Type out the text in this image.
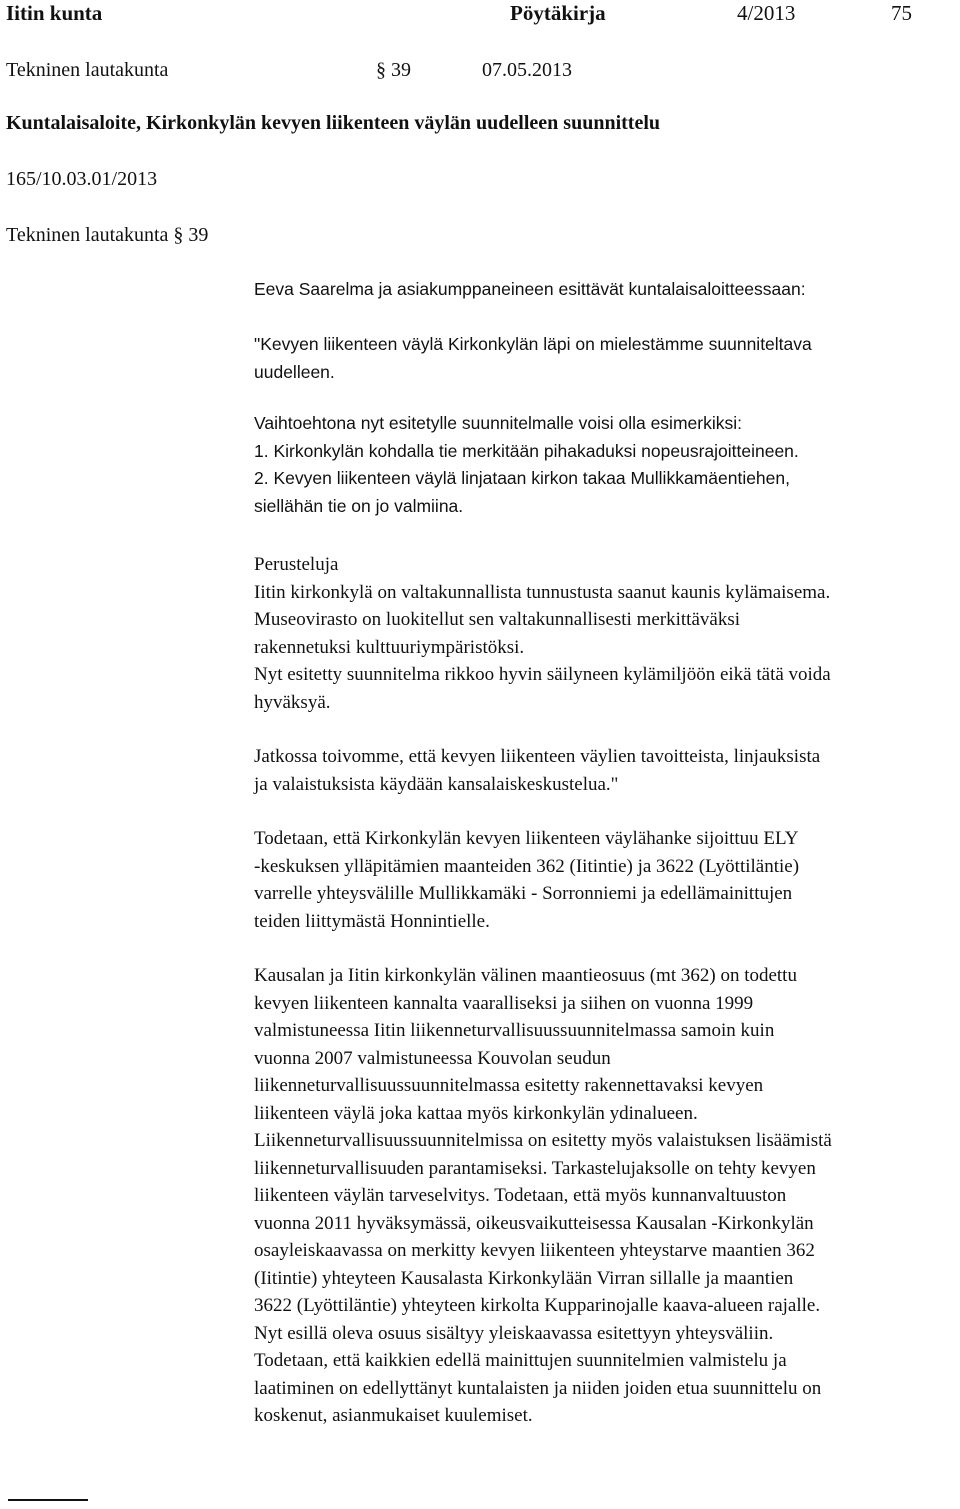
Iitin kunta	Pöytäkirja	4/2013	75
Tekninen lautakunta	§ 39	07.05.2013
Kuntalaisaloite, Kirkonkylän kevyen liikenteen väylän uudelleen suunnittelu
165/10.03.01/2013
Tekninen lautakunta § 39

Eeva Saarelma ja asiakumppaneineen esittävät kuntalaisaloitteessaan:

"Kevyen liikenteen väylä Kirkonkylän läpi on mielestämme suunniteltava

uudelleen.

Vaihtoehtona nyt esitetylle suunnitelmalle voisi olla esimerkiksi:

1. Kirkonkylän kohdalla tie merkitään pihakaduksi nopeusrajoitteineen.

2. Kevyen liikenteen väylä linjataan kirkon takaa Mullikkamäentiehen,

siellähän tie on jo valmiina.

Perusteluja

Iitin kirkonkylä on valtakunnallista tunnustusta saanut kaunis kylämaisema.

Museovirasto on luokitellut sen valtakunnallisesti merkittäväksi

rakennetuksi kulttuuriympäristöksi.

Nyt esitetty suunnitelma rikkoo hyvin säilyneen kylämiljöön eikä tätä voida

hyväksyä.

Jatkossa toivomme, että kevyen liikenteen väylien tavoitteista, linjauksista

ja valaistuksista käydään kansalaiskeskustelua."

Todetaan, että Kirkonkylän kevyen liikenteen väylähanke sijoittuu ELY

-keskuksen ylläpitämien maanteiden 362 (Iitintie) ja 3622 (Lyöttiläntie)

varrelle yhteysvälille Mullikkamäki - Sorronniemi ja edellämainittujen

teiden liittymästä Honnintielle.

Kausalan ja Iitin kirkonkylän välinen maantieosuus (mt 362) on todettu

kevyen liikenteen kannalta vaaralliseksi ja siihen on vuonna 1999

valmistuneessa Iitin liikenneturvallisuussuunnitelmassa samoin kuin

vuonna 2007 valmistuneessa Kouvolan seudun

liikenneturvallisuussuunnitelmassa esitetty rakennettavaksi kevyen

liikenteen väylä joka kattaa myös kirkonkylän ydinalueen.

Liikenneturvallisuussuunnitelmissa on esitetty myös valaistuksen lisäämistä

liikenneturvallisuuden parantamiseksi. Tarkastelujaksolle on tehty kevyen

liikenteen väylän tarveselvitys. Todetaan, että myös kunnanvaltuuston

vuonna 2011 hyväksymässä, oikeusvaikutteisessa Kausalan -Kirkonkylän

osayleiskaavassa on merkitty kevyen liikenteen yhteystarve maantien 362

(Iitintie) yhteyteen Kausalasta Kirkonkylään Virran sillalle ja maantien

3622 (Lyöttiläntie) yhteyteen kirkolta Kupparinojalle kaava-alueen rajalle.

Nyt esillä oleva osuus sisältyy yleiskaavassa esitettyyn yhteysväliin.

Todetaan, että kaikkien edellä mainittujen suunnitelmien valmistelu ja

laatiminen on edellyttänyt kuntalaisten ja niiden joiden etua suunnittelu on

koskenut, asianmukaiset kuulemiset.
